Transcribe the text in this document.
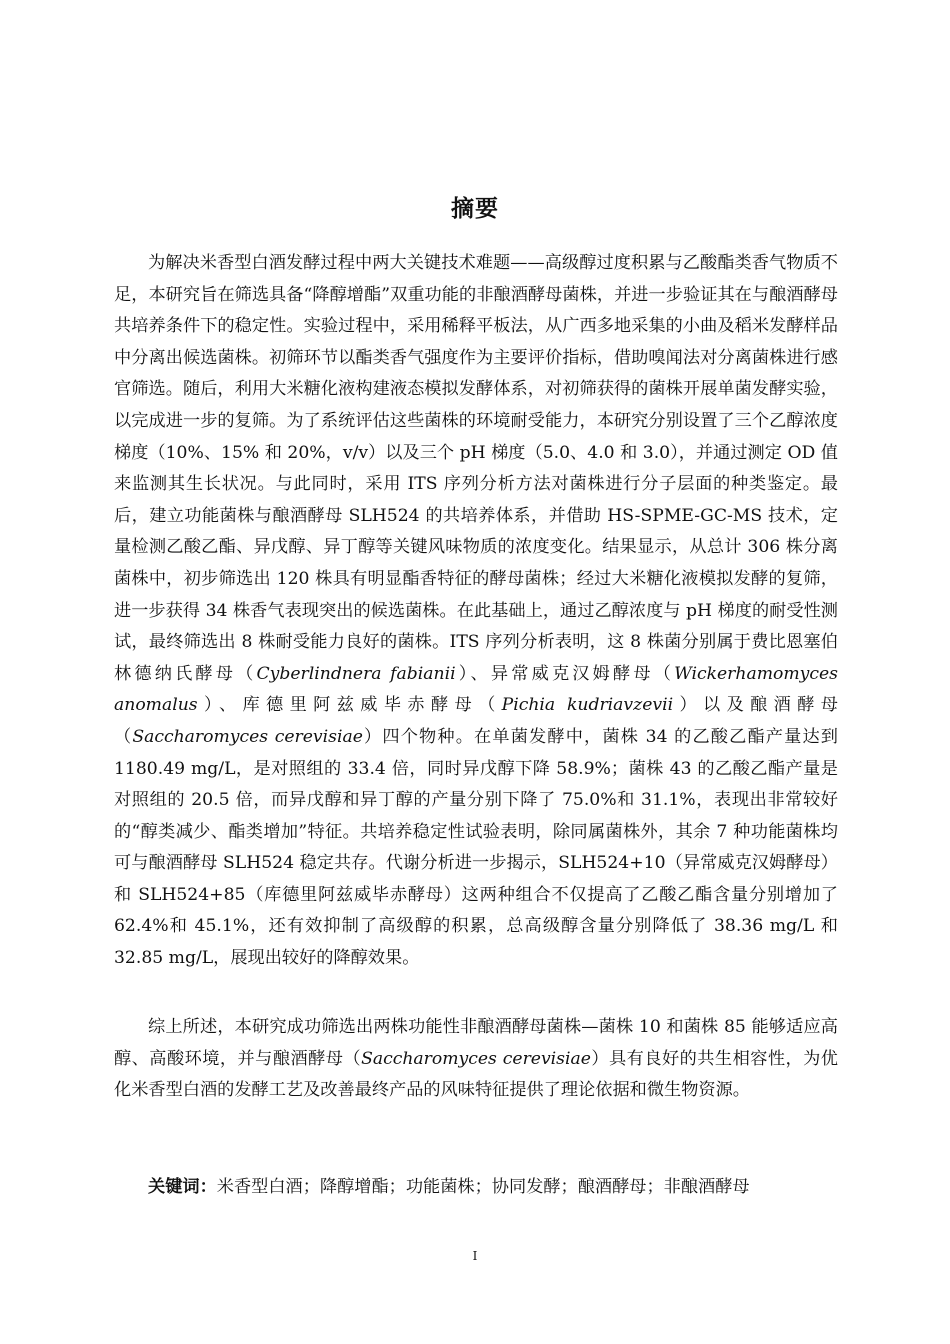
摘要

为解决米香型白酒发酵过程中两大关键技术难题——高级醇过度积累与乙酸酯类香气物质不足，本研究旨在筛选具备“降醇增酯”双重功能的非酿酒酵母菌株，并进一步验证其在与酿酒酵母共培养条件下的稳定性。实验过程中，采用稀释平板法，从广西多地采集的小曲及稻米发酵样品中分离出候选菌株。初筛环节以酯类香气强度作为主要评价指标，借助嗅闻法对分离菌株进行感官筛选。随后，利用大米糖化液构建液态模拟发酵体系，对初筛获得的菌株开展单菌发酵实验，以完成进一步的复筛。为了系统评估这些菌株的环境耐受能力，本研究分别设置了三个乙醇浓度梯度（10%、15% 和 20%，v/v）以及三个 pH 梯度（5.0、4.0 和 3.0），并通过测定 OD 值来监测其生长状况。与此同时，采用 ITS 序列分析方法对菌株进行分子层面的种类鉴定。最后，建立功能菌株与酿酒酵母 SLH524 的共培养体系，并借助 HS-SPME-GC-MS 技术，定量检测乙酸乙酯、异戊醇、异丁醇等关键风味物质的浓度变化。结果显示，从总计 306 株分离菌株中，初步筛选出 120 株具有明显酯香特征的酵母菌株；经过大米糖化液模拟发酵的复筛，进一步获得 34 株香气表现突出的候选菌株。在此基础上，通过乙醇浓度与 pH 梯度的耐受性测试，最终筛选出 8 株耐受能力良好的菌株。ITS 序列分析表明，这 8 株菌分别属于费比恩塞伯林德纳氏酵母（Cyberlindnera fabianii）、异常威克汉姆酵母（Wickerhamomyces anomalus）、库德里阿兹威毕赤酵母（Pichia kudriavzevii）以及酿酒酵母（Saccharomyces cerevisiae）四个物种。在单菌发酵中，菌株 34 的乙酸乙酯产量达到 1180.49 mg/L，是对照组的 33.4 倍，同时异戊醇下降 58.9%；菌株 43 的乙酸乙酯产量是对照组的 20.5 倍，而异戊醇和异丁醇的产量分别下降了 75.0%和 31.1%，表现出非常较好的“醇类减少、酯类增加”特征。共培养稳定性试验表明，除同属菌株外，其余 7 种功能菌株均可与酿酒酵母 SLH524 稳定共存。代谢分析进一步揭示，SLH524+10（异常威克汉姆酵母）和 SLH524+85（库德里阿兹威毕赤酵母）这两种组合不仅提高了乙酸乙酯含量分别增加了 62.4%和 45.1%，还有效抑制了高级醇的积累，总高级醇含量分别降低了 38.36 mg/L 和 32.85 mg/L，展现出较好的降醇效果。

综上所述，本研究成功筛选出两株功能性非酿酒酵母菌株—菌株 10 和菌株 85 能够适应高醇、高酸环境，并与酿酒酵母（Saccharomyces cerevisiae）具有良好的共生相容性，为优化米香型白酒的发酵工艺及改善最终产品的风味特征提供了理论依据和微生物资源。

关键词：米香型白酒；降醇增酯；功能菌株；协同发酵；酿酒酵母；非酿酒酵母
I
